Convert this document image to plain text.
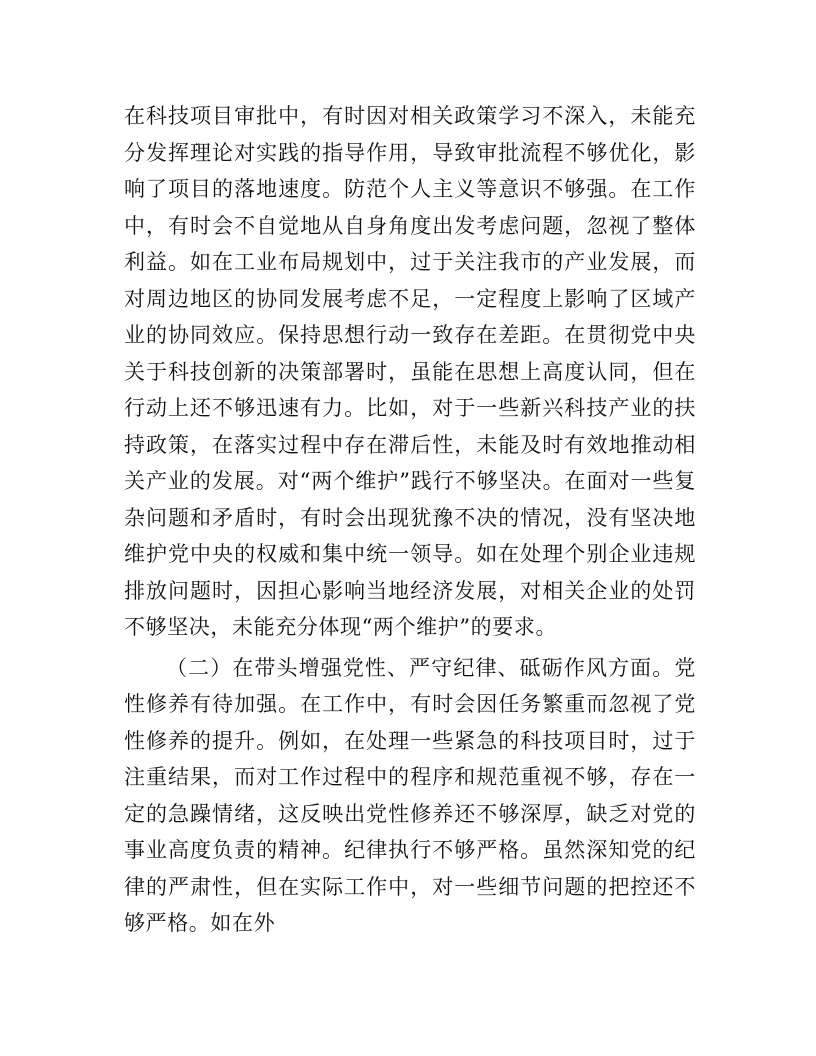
在科技项目审批中，有时因对相关政策学习不深入，未能充分发挥理论对实践的指导作用，导致审批流程不够优化，影响了项目的落地速度。防范个人主义等意识不够强。在工作中，有时会不自觉地从自身角度出发考虑问题，忽视了整体利益。如在工业布局规划中，过于关注我市的产业发展，而对周边地区的协同发展考虑不足，一定程度上影响了区域产业的协同效应。保持思想行动一致存在差距。在贯彻党中央关于科技创新的决策部署时，虽能在思想上高度认同，但在行动上还不够迅速有力。比如，对于一些新兴科技产业的扶持政策，在落实过程中存在滞后性，未能及时有效地推动相关产业的发展。对“两个维护”践行不够坚决。在面对一些复杂问题和矛盾时，有时会出现犹豫不决的情况，没有坚决地维护党中央的权威和集中统一领导。如在处理个别企业违规排放问题时，因担心影响当地经济发展，对相关企业的处罚不够坚决，未能充分体现“两个维护”的要求。

（二）在带头增强党性、严守纪律、砥砺作风方面。党性修养有待加强。在工作中，有时会因任务繁重而忽视了党性修养的提升。例如，在处理一些紧急的科技项目时，过于注重结果，而对工作过程中的程序和规范重视不够，存在一定的急躁情绪，这反映出党性修养还不够深厚，缺乏对党的事业高度负责的精神。纪律执行不够严格。虽然深知党的纪律的严肃性，但在实际工作中，对一些细节问题的把控还不够严格。如在外
